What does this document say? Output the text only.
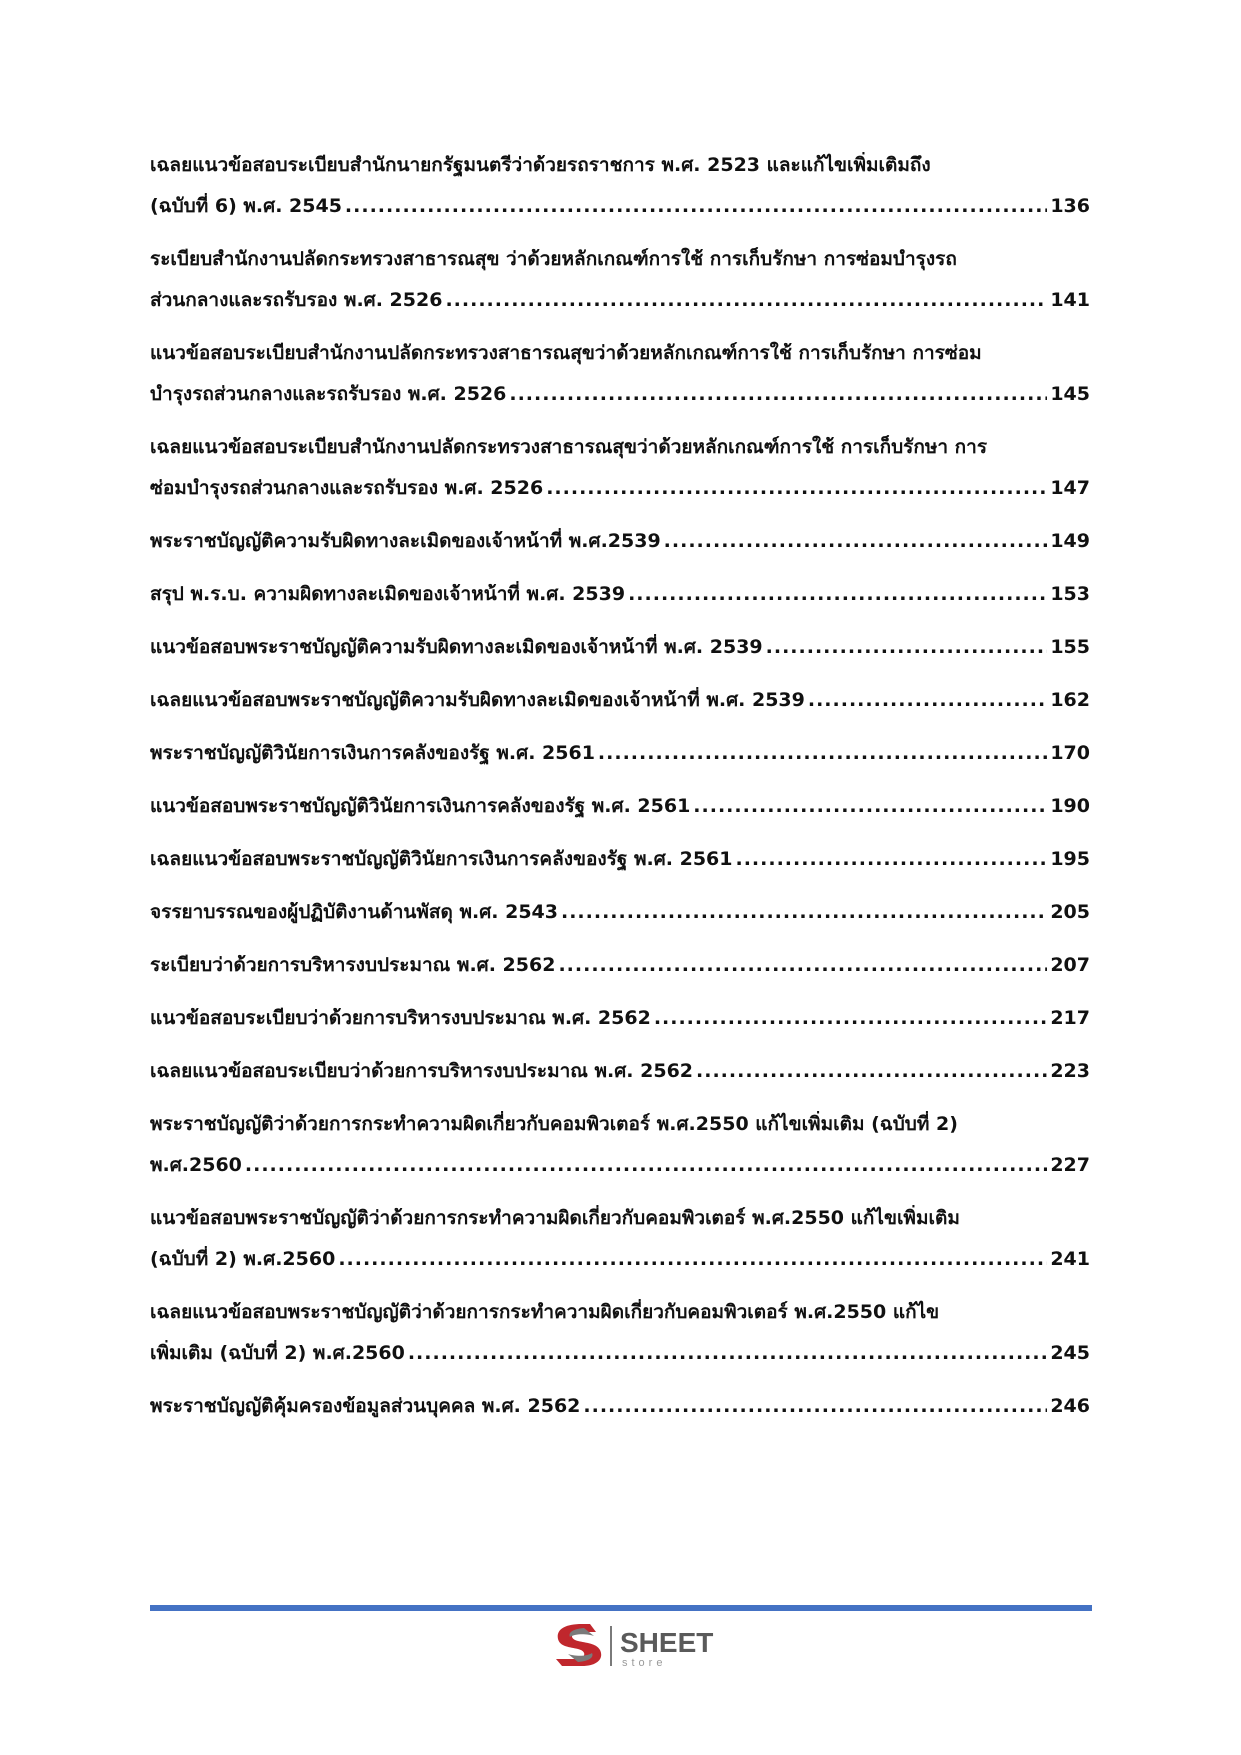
เฉลยแนวข้อสอบระเบียบสำนักนายกรัฐมนตรีว่าด้วยรถราชการ พ.ศ. 2523 และแก้ไขเพิ่มเติมถึง
(ฉบับที่ 6) พ.ศ. 2545 .....	136
ระเบียบสำนักงานปลัดกระทรวงสาธารณสุข ว่าด้วยหลักเกณฑ์การใช้ การเก็บรักษา การซ่อมบำรุงรถ
ส่วนกลางและรถรับรอง พ.ศ. 2526 .....	141
แนวข้อสอบระเบียบสำนักงานปลัดกระทรวงสาธารณสุขว่าด้วยหลักเกณฑ์การใช้ การเก็บรักษา การซ่อม
บำรุงรถส่วนกลางและรถรับรอง พ.ศ. 2526 .....	145
เฉลยแนวข้อสอบระเบียบสำนักงานปลัดกระทรวงสาธารณสุขว่าด้วยหลักเกณฑ์การใช้ การเก็บรักษา การ
ซ่อมบำรุงรถส่วนกลางและรถรับรอง พ.ศ. 2526 .....	147
พระราชบัญญัติความรับผิดทางละเมิดของเจ้าหน้าที่ พ.ศ.2539 .....	149
สรุป พ.ร.บ. ความผิดทางละเมิดของเจ้าหน้าที่ พ.ศ. 2539 .....	153
แนวข้อสอบพระราชบัญญัติความรับผิดทางละเมิดของเจ้าหน้าที่ พ.ศ. 2539 .....	155
เฉลยแนวข้อสอบพระราชบัญญัติความรับผิดทางละเมิดของเจ้าหน้าที่ พ.ศ. 2539 .....	162
พระราชบัญญัติวินัยการเงินการคลังของรัฐ พ.ศ. 2561 .....	170
แนวข้อสอบพระราชบัญญัติวินัยการเงินการคลังของรัฐ พ.ศ. 2561 .....	190
เฉลยแนวข้อสอบพระราชบัญญัติวินัยการเงินการคลังของรัฐ พ.ศ. 2561 .....	195
จรรยาบรรณของผู้ปฏิบัติงานด้านพัสดุ พ.ศ. 2543 .....	205
ระเบียบว่าด้วยการบริหารงบประมาณ พ.ศ. 2562 .....	207
แนวข้อสอบระเบียบว่าด้วยการบริหารงบประมาณ พ.ศ. 2562 .....	217
เฉลยแนวข้อสอบระเบียบว่าด้วยการบริหารงบประมาณ พ.ศ. 2562 .....	223
พระราชบัญญัติว่าด้วยการกระทำความผิดเกี่ยวกับคอมพิวเตอร์ พ.ศ.2550 แก้ไขเพิ่มเติม (ฉบับที่ 2)
พ.ศ.2560 .....	227
แนวข้อสอบพระราชบัญญัติว่าด้วยการกระทำความผิดเกี่ยวกับคอมพิวเตอร์ พ.ศ.2550 แก้ไขเพิ่มเติม
(ฉบับที่ 2) พ.ศ.2560 .....	241
เฉลยแนวข้อสอบพระราชบัญญัติว่าด้วยการกระทำความผิดเกี่ยวกับคอมพิวเตอร์ พ.ศ.2550 แก้ไข
เพิ่มเติม (ฉบับที่ 2) พ.ศ.2560 .....	245
พระราชบัญญัติคุ้มครองข้อมูลส่วนบุคคล พ.ศ. 2562 .....	246
SHEET
store
